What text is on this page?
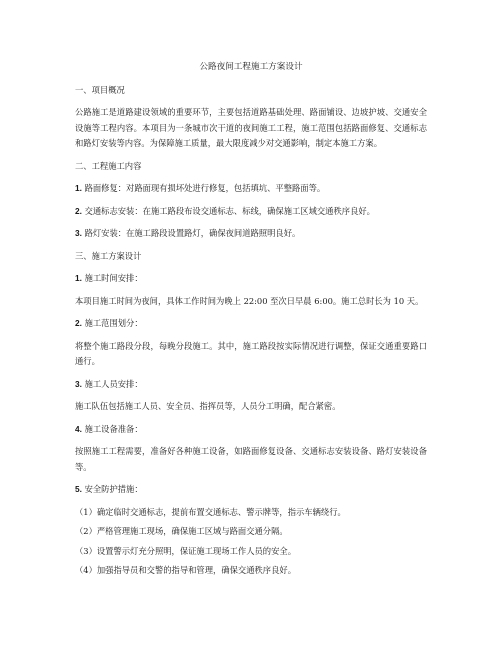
公路夜间工程施工方案设计
一、项目概况
公路施工是道路建设领域的重要环节，主要包括道路基础处理、路面铺设、边坡护坡、交通安全设施等工程内容。本项目为一条城市次干道的夜间施工工程，施工范围包括路面修复、交通标志和路灯安装等内容。为保障施工质量，最大限度减少对交通影响，制定本施工方案。
二、工程施工内容
1. 路面修复：对路面现有损坏处进行修复，包括填坑、平整路面等。
2. 交通标志安装：在施工路段布设交通标志、标线，确保施工区域交通秩序良好。
3. 路灯安装：在施工路段设置路灯，确保夜间道路照明良好。
三、施工方案设计
1. 施工时间安排：
本项目施工时间为夜间，具体工作时间为晚上 22:00 至次日早晨 6:00。施工总时长为 10 天。
2. 施工范围划分：
将整个施工路段分段，每晚分段施工。其中，施工路段按实际情况进行调整，保证交通重要路口通行。
3. 施工人员安排：
施工队伍包括施工人员、安全员、指挥员等，人员分工明确，配合紧密。
4. 施工设备准备：
按照施工工程需要，准备好各种施工设备，如路面修复设备、交通标志安装设备、路灯安装设备等。
5. 安全防护措施：
（1）确定临时交通标志，提前布置交通标志、警示牌等，指示车辆绕行。
（2）严格管理施工现场，确保施工区域与路面交通分隔。
（3）设置警示灯充分照明，保证施工现场工作人员的安全。
（4）加强指导员和交警的指导和管理，确保交通秩序良好。
